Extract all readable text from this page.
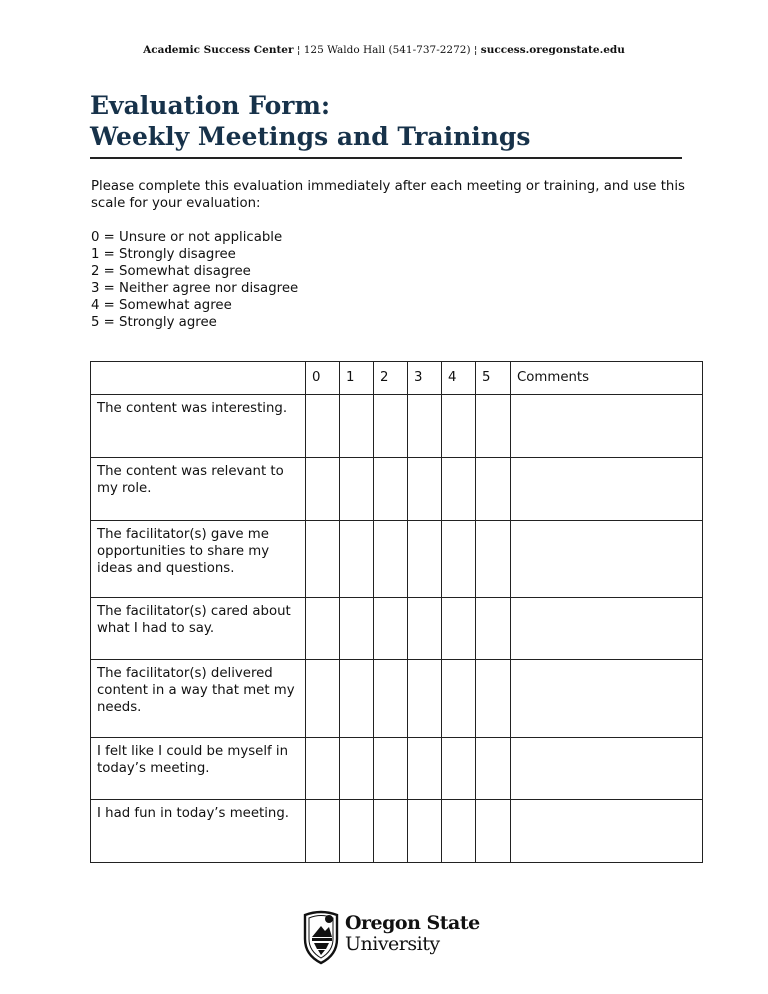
Academic Success Center ¦ 125 Waldo Hall (541-737-2272) ¦ success.oregonstate.edu
Evaluation Form:
Weekly Meetings and Trainings
Please complete this evaluation immediately after each meeting or training, and use this scale for your evaluation:
0 = Unsure or not applicable
1 = Strongly disagree
2 = Somewhat disagree
3 = Neither agree nor disagree
4 = Somewhat agree
5 = Strongly agree
	0	1	2	3	4	5	Comments
The content was interesting.							
The content was relevant to my role.							
The facilitator(s) gave me opportunities to share my ideas and questions.							
The facilitator(s) cared about what I had to say.							
The facilitator(s) delivered content in a way that met my needs.							
I felt like I could be myself in today’s meeting.							
I had fun in today’s meeting.							
Oregon State
University
